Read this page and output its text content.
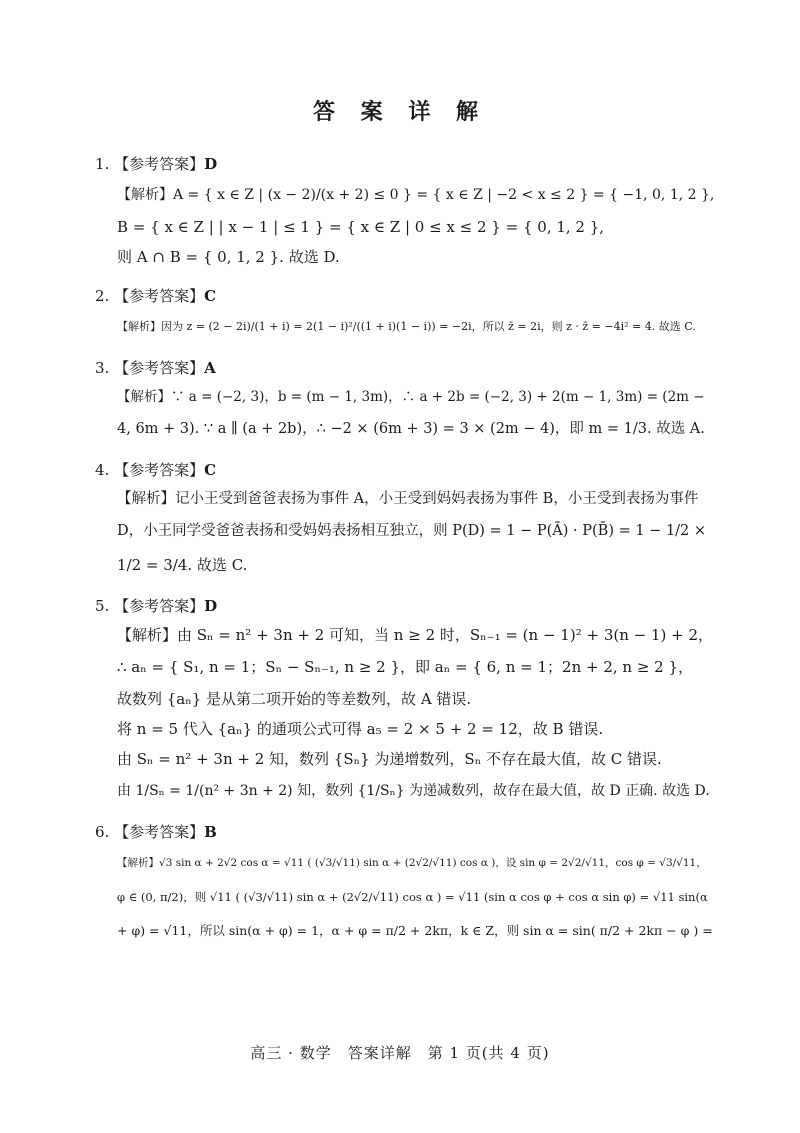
答 案 详 解
1. 【参考答案】D
【解析】A = { x ∈ Z | (x − 2)/(x + 2) ≤ 0 } = { x ∈ Z | −2 < x ≤ 2 } = { −1, 0, 1, 2 },
B = { x ∈ Z | | x − 1 | ≤ 1 } = { x ∈ Z | 0 ≤ x ≤ 2 } = { 0, 1, 2 },
则 A ∩ B = { 0, 1, 2 }. 故选 D.
2. 【参考答案】C
【解析】因为 z = (2 − 2i)/(1 + i) = 2(1 − i)²/((1 + i)(1 − i)) = −2i，所以 z̄ = 2i，则 z · z̄ = −4i² = 4. 故选 C.
3. 【参考答案】A
【解析】∵ a = (−2, 3)，b = (m − 1, 3m)，∴ a + 2b = (−2, 3) + 2(m − 1, 3m) = (2m −
4, 6m + 3). ∵ a ∥ (a + 2b)，∴ −2 × (6m + 3) = 3 × (2m − 4)，即 m = 1/3. 故选 A.
4. 【参考答案】C
【解析】记小王受到爸爸表扬为事件 A，小王受到妈妈表扬为事件 B，小王受到表扬为事件
D，小王同学受爸爸表扬和受妈妈表扬相互独立，则 P(D) = 1 − P(Ā) · P(B̄) = 1 − 1/2 ×
1/2 = 3/4. 故选 C.
5. 【参考答案】D
【解析】由 Sₙ = n² + 3n + 2 可知，当 n ≥ 2 时，Sₙ₋₁ = (n − 1)² + 3(n − 1) + 2，
∴ aₙ = { S₁, n = 1；Sₙ − Sₙ₋₁, n ≥ 2 }，即 aₙ = { 6, n = 1；2n + 2, n ≥ 2 }，
故数列 {aₙ} 是从第二项开始的等差数列，故 A 错误.
将 n = 5 代入 {aₙ} 的通项公式可得 a₅ = 2 × 5 + 2 = 12，故 B 错误.
由 Sₙ = n² + 3n + 2 知，数列 {Sₙ} 为递增数列，Sₙ 不存在最大值，故 C 错误.
由 1/Sₙ = 1/(n² + 3n + 2) 知，数列 {1/Sₙ} 为递减数列，故存在最大值，故 D 正确. 故选 D.
6. 【参考答案】B
【解析】√3 sin α + 2√2 cos α = √11 ( (√3/√11) sin α + (2√2/√11) cos α )，设 sin φ = 2√2/√11，cos φ = √3/√11，
φ ∈ (0, π/2)，则 √11 ( (√3/√11) sin α + (2√2/√11) cos α ) = √11 (sin α cos φ + cos α sin φ) = √11 sin(α
+ φ) = √11，所以 sin(α + φ) = 1，α + φ = π/2 + 2kπ，k ∈ Z，则 sin α = sin( π/2 + 2kπ − φ ) =
高三 · 数学　答案详解　第 1 页(共 4 页)
